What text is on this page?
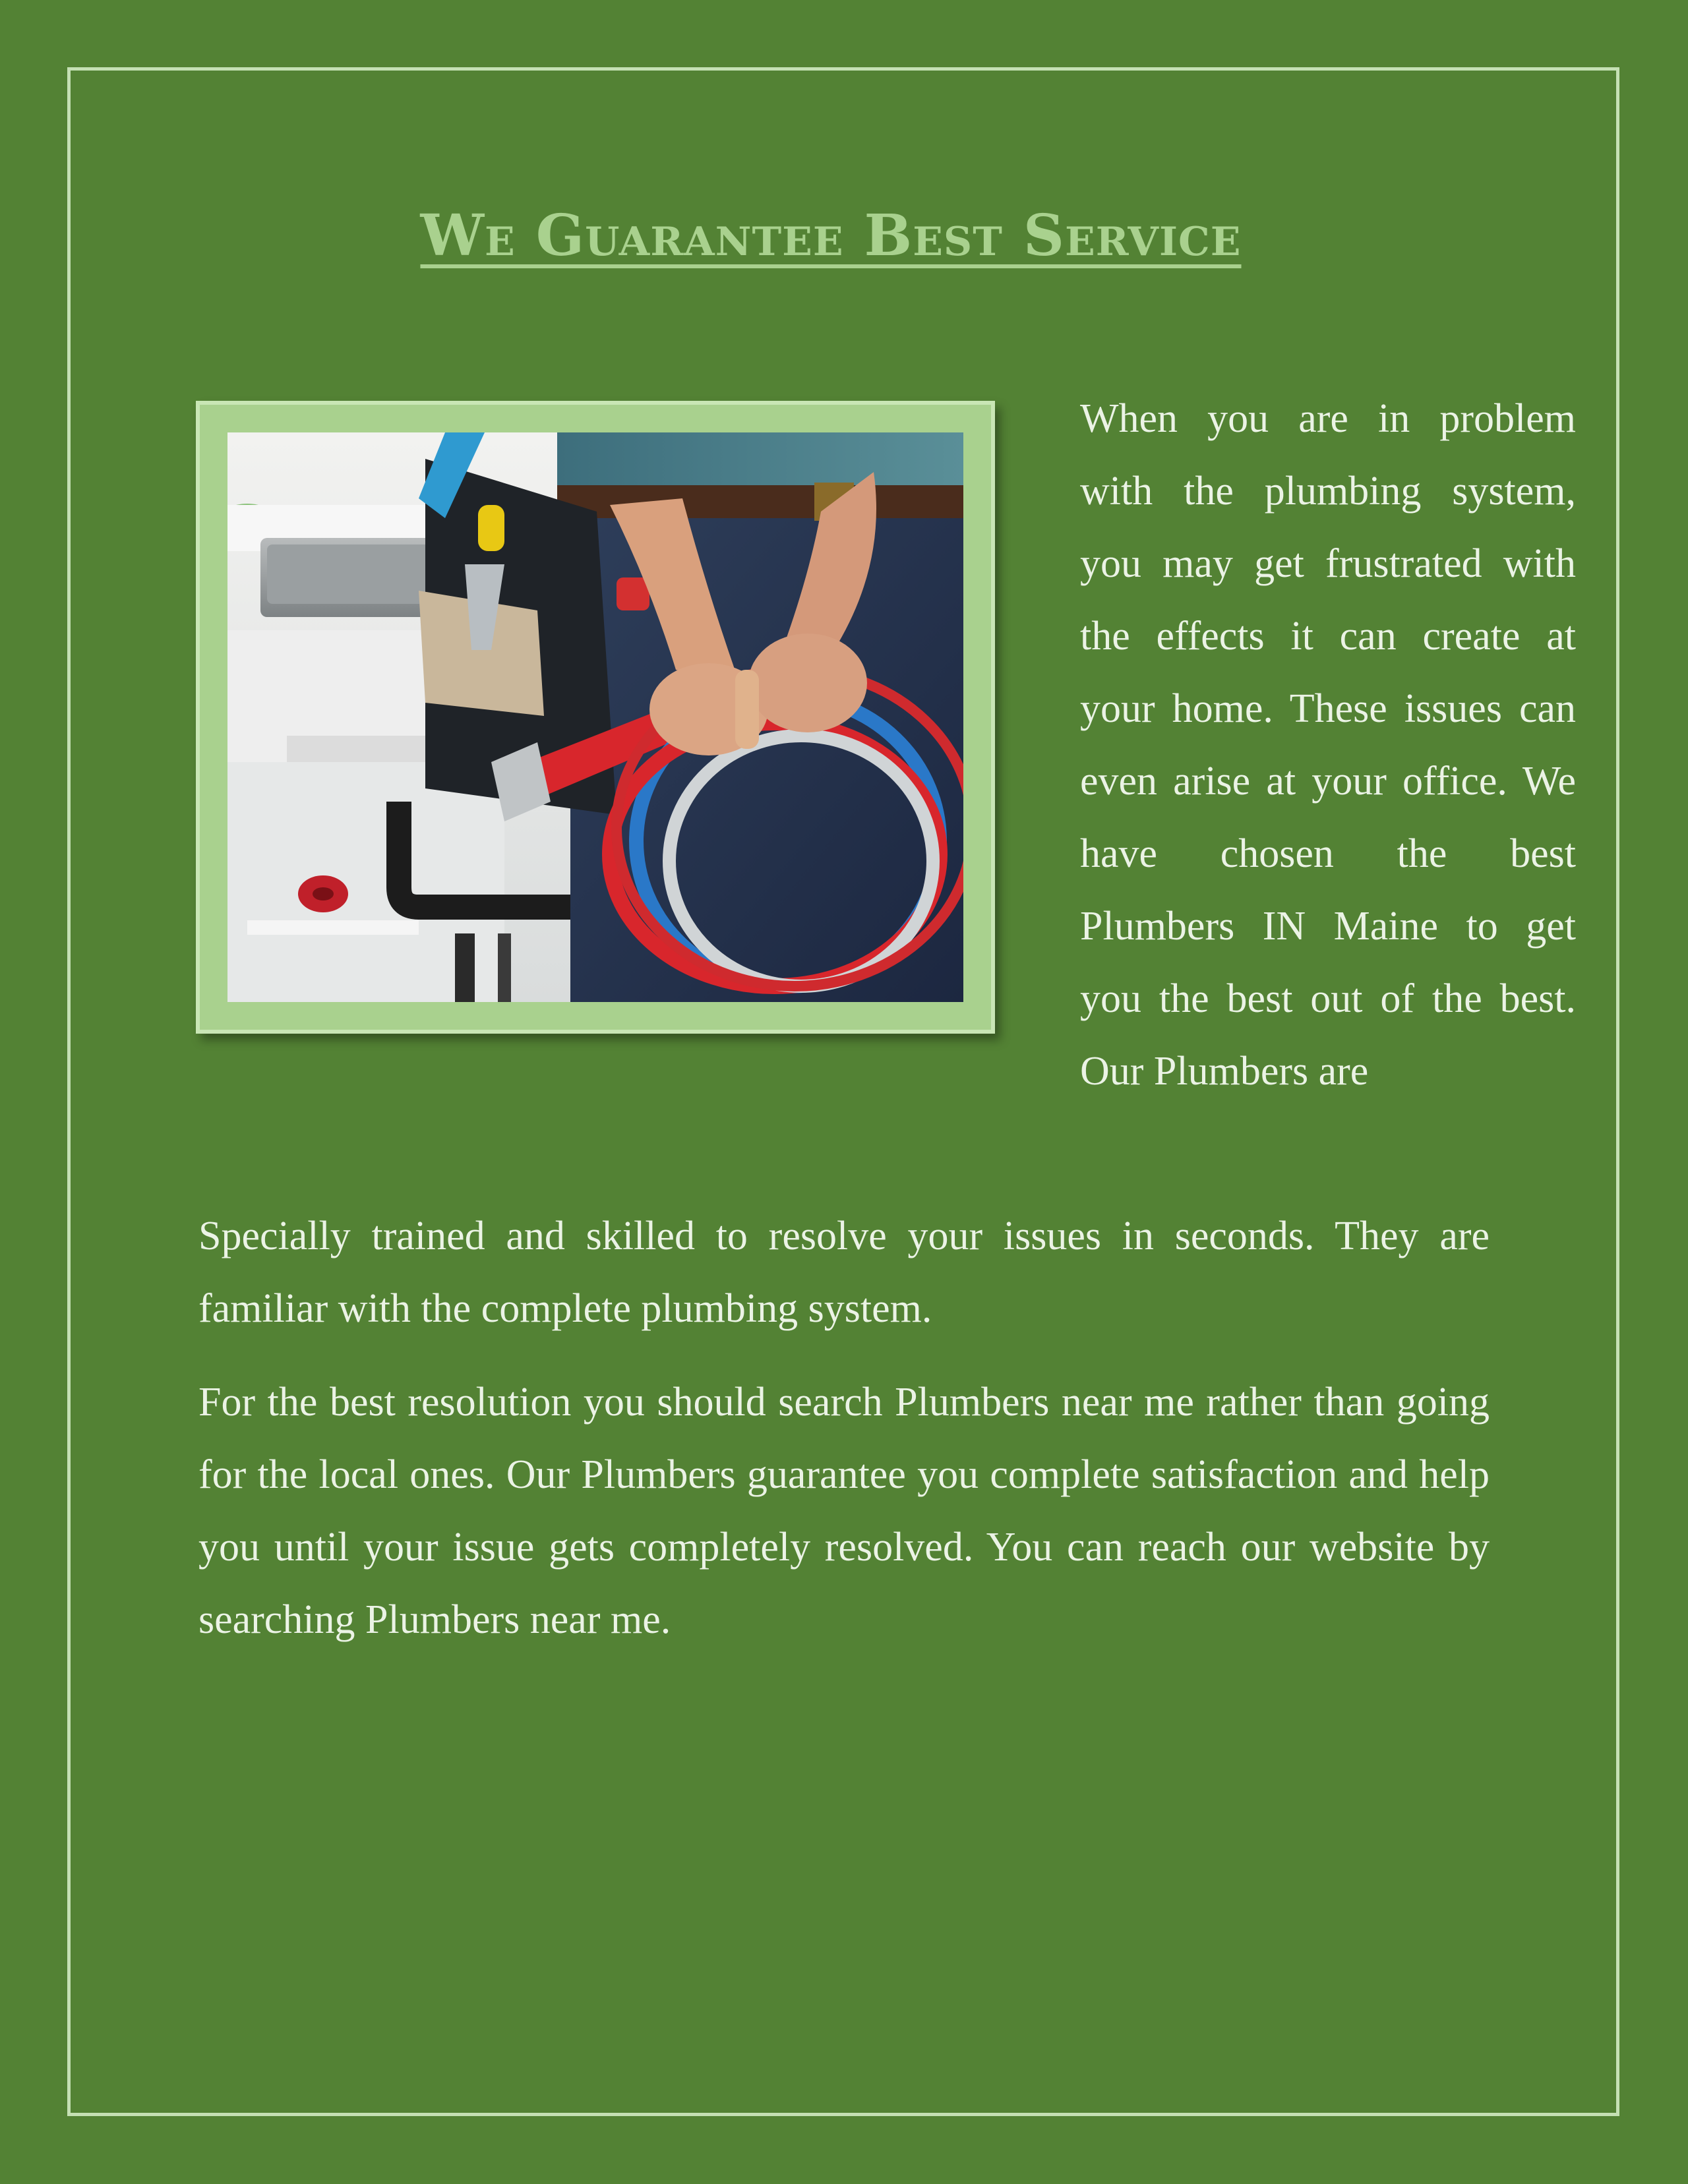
We Guarantee Best Service

When you are in problem with the plumbing system, you may get frustrated with the effects it can create at your home. These issues can even arise at your office. We have chosen the best Plumbers IN Maine to get you the best out of the best. Our Plumbers are

Specially trained and skilled to resolve your issues in seconds. They are familiar with the complete plumbing system.

For the best resolution you should search Plumbers near me rather than going for the local ones. Our Plumbers guarantee you complete satisfaction and help you until your issue gets completely resolved. You can reach our website by searching Plumbers near me.
